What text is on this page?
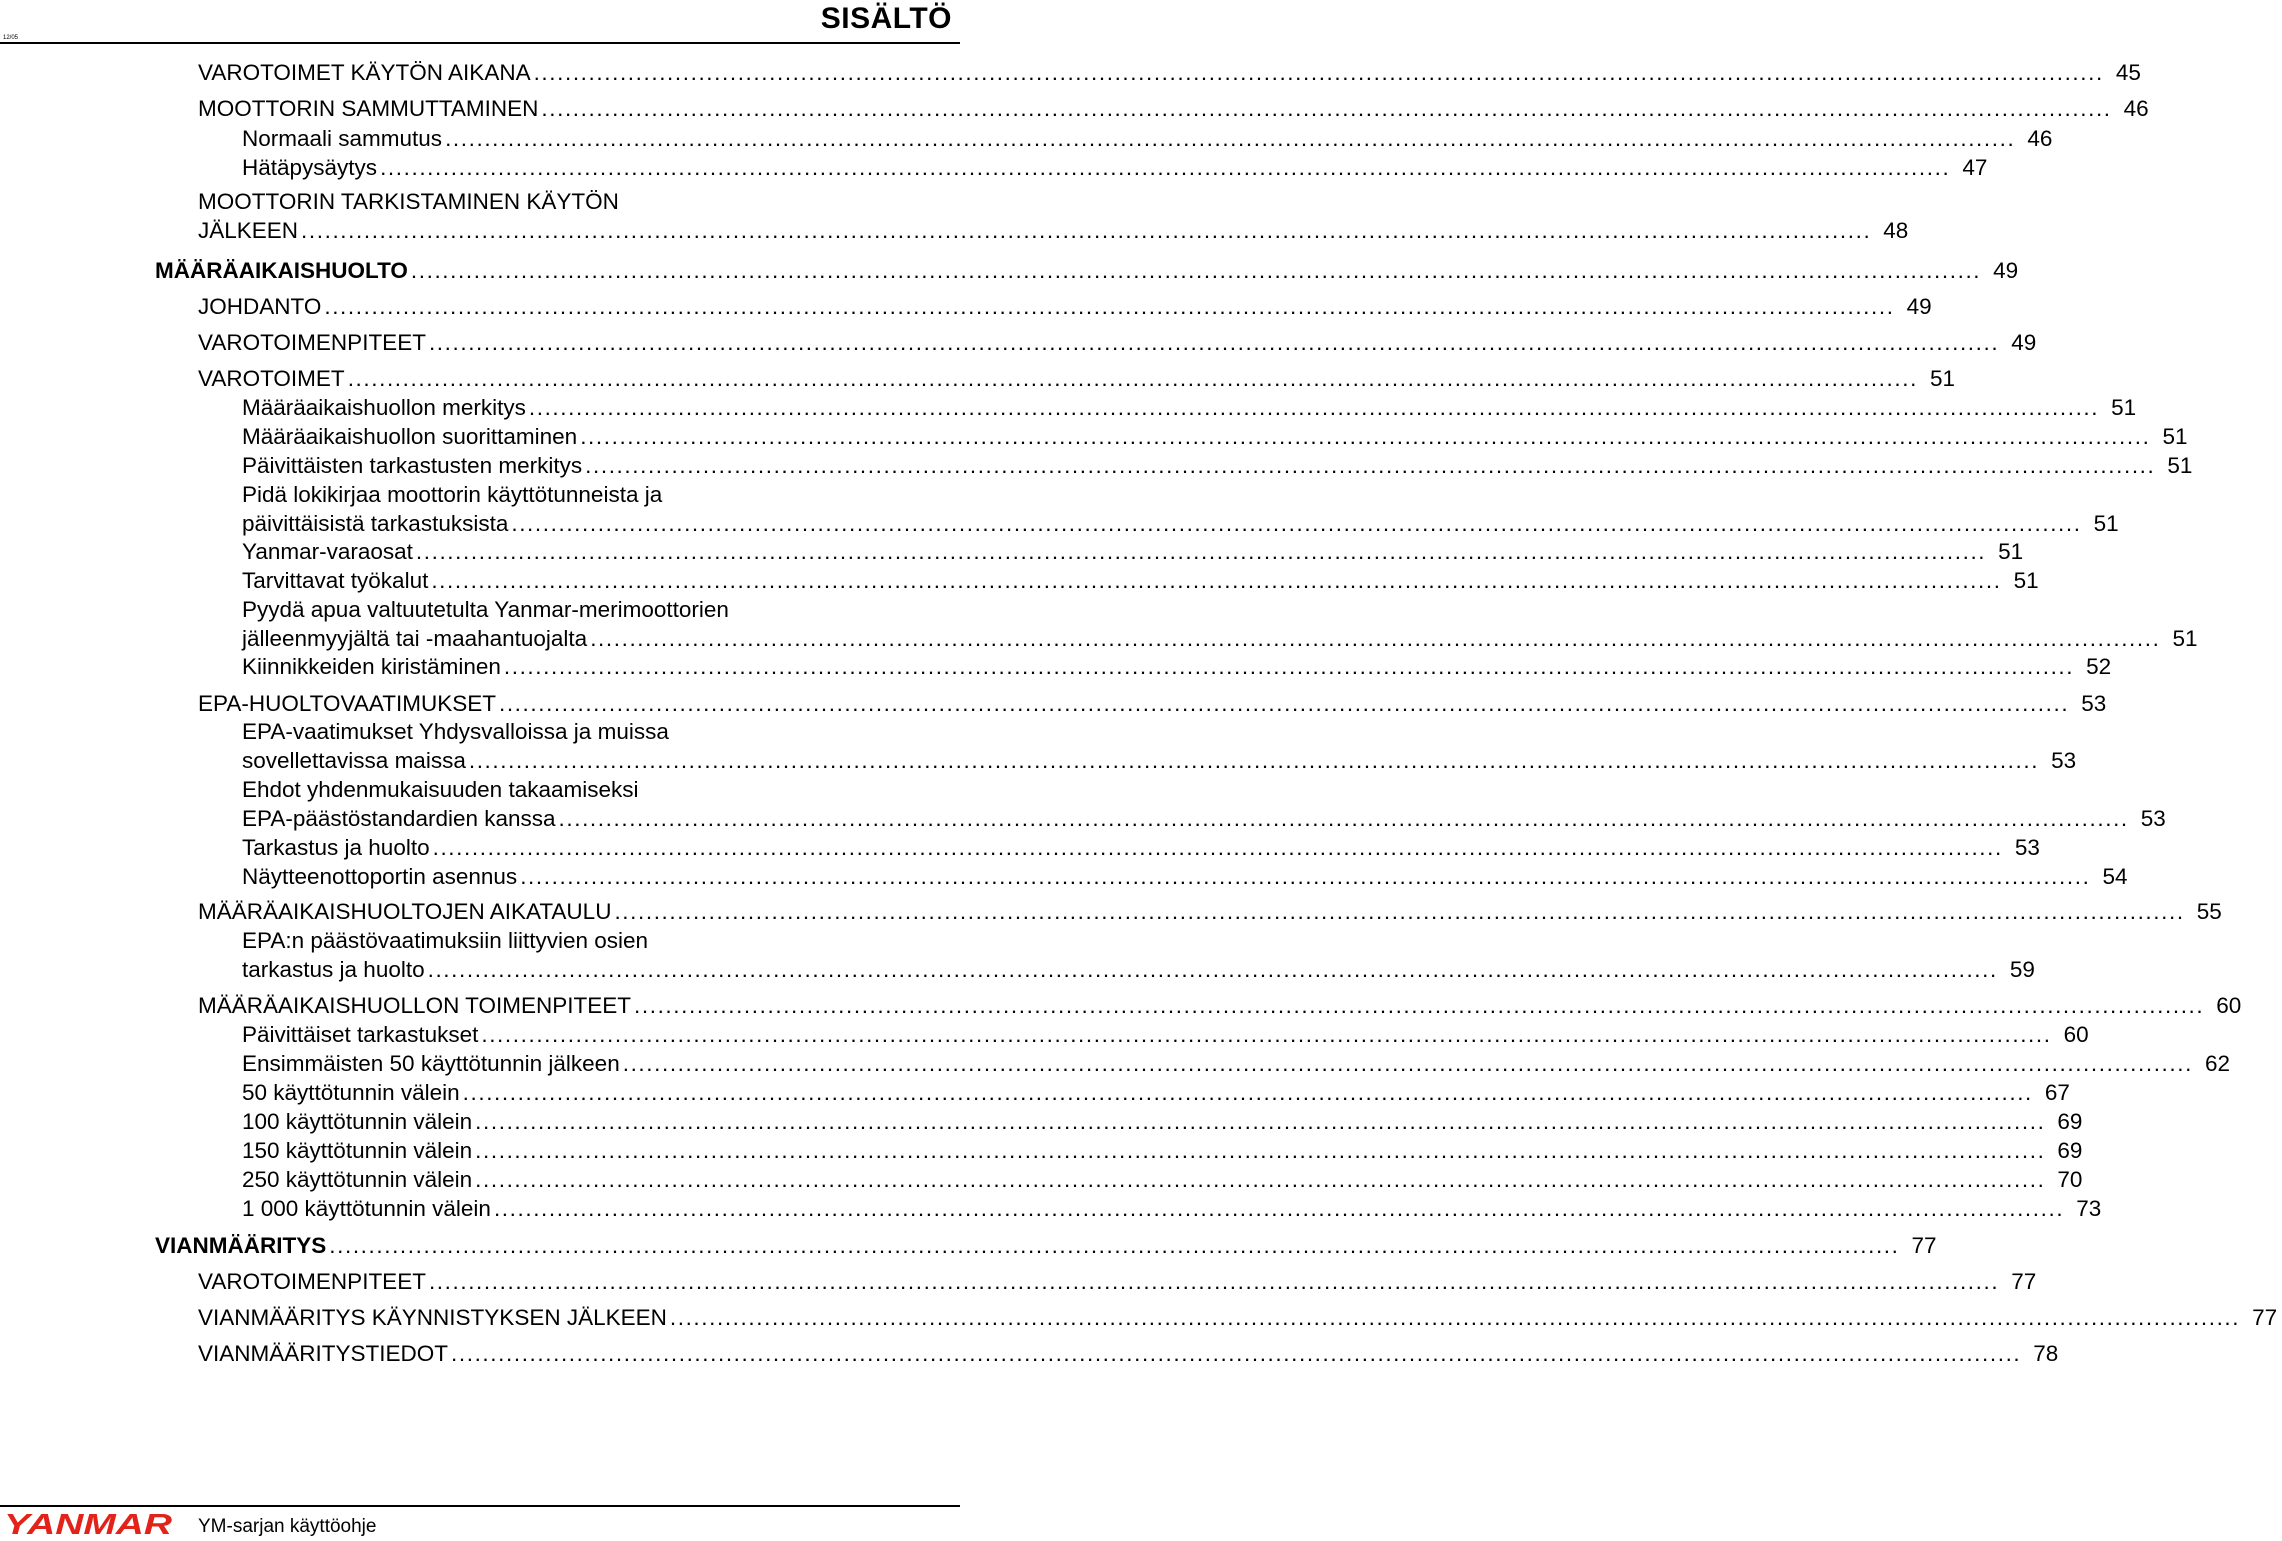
SISÄLTÖ
12/05
VAROTOIMET KÄYTÖN AIKANA ........................................................................................................................................................................................................ 45
MOOTTORIN SAMMUTTAMINEN ........................................................................................................................................................................................................ 46
Normaali sammutus ........................................................................................................................................................................................................ 46
Hätäpysäytys ........................................................................................................................................................................................................ 47
MOOTTORIN TARKISTAMINEN KÄYTÖN
JÄLKEEN ........................................................................................................................................................................................................ 48
MÄÄRÄAIKAISHUOLTO ........................................................................................................................................................................................................ 49
JOHDANTO ........................................................................................................................................................................................................ 49
VAROTOIMENPITEET ........................................................................................................................................................................................................ 49
VAROTOIMET ........................................................................................................................................................................................................ 51
Määräaikaishuollon merkitys ........................................................................................................................................................................................................ 51
Määräaikaishuollon suorittaminen ........................................................................................................................................................................................................ 51
Päivittäisten tarkastusten merkitys ........................................................................................................................................................................................................ 51
Pidä lokikirjaa moottorin käyttötunneista ja
päivittäisistä tarkastuksista ........................................................................................................................................................................................................ 51
Yanmar-varaosat ........................................................................................................................................................................................................ 51
Tarvittavat työkalut ........................................................................................................................................................................................................ 51
Pyydä apua valtuutetulta Yanmar-merimoottorien
jälleenmyyjältä tai -maahantuojalta ........................................................................................................................................................................................................ 51
Kiinnikkeiden kiristäminen ........................................................................................................................................................................................................ 52
EPA-HUOLTOVAATIMUKSET ........................................................................................................................................................................................................ 53
EPA-vaatimukset Yhdysvalloissa ja muissa
sovellettavissa maissa ........................................................................................................................................................................................................ 53
Ehdot yhdenmukaisuuden takaamiseksi
EPA-päästöstandardien kanssa ........................................................................................................................................................................................................ 53
Tarkastus ja huolto ........................................................................................................................................................................................................ 53
Näytteenottoportin asennus ........................................................................................................................................................................................................ 54
MÄÄRÄAIKAISHUOLTOJEN AIKATAULU ........................................................................................................................................................................................................ 55
EPA:n päästövaatimuksiin liittyvien osien
tarkastus ja huolto ........................................................................................................................................................................................................ 59
MÄÄRÄAIKAISHUOLLON TOIMENPITEET ........................................................................................................................................................................................................ 60
Päivittäiset tarkastukset ........................................................................................................................................................................................................ 60
Ensimmäisten 50 käyttötunnin jälkeen ........................................................................................................................................................................................................ 62
50 käyttötunnin välein ........................................................................................................................................................................................................ 67
100 käyttötunnin välein ........................................................................................................................................................................................................ 69
150 käyttötunnin välein ........................................................................................................................................................................................................ 69
250 käyttötunnin välein ........................................................................................................................................................................................................ 70
1 000 käyttötunnin välein ........................................................................................................................................................................................................ 73
VIANMÄÄRITYS ........................................................................................................................................................................................................ 77
VAROTOIMENPITEET ........................................................................................................................................................................................................ 77
VIANMÄÄRITYS KÄYNNISTYKSEN JÄLKEEN ........................................................................................................................................................................................................ 77
VIANMÄÄRITYSTIEDOT ........................................................................................................................................................................................................ 78
YANMAR YM-sarjan käyttöohje
